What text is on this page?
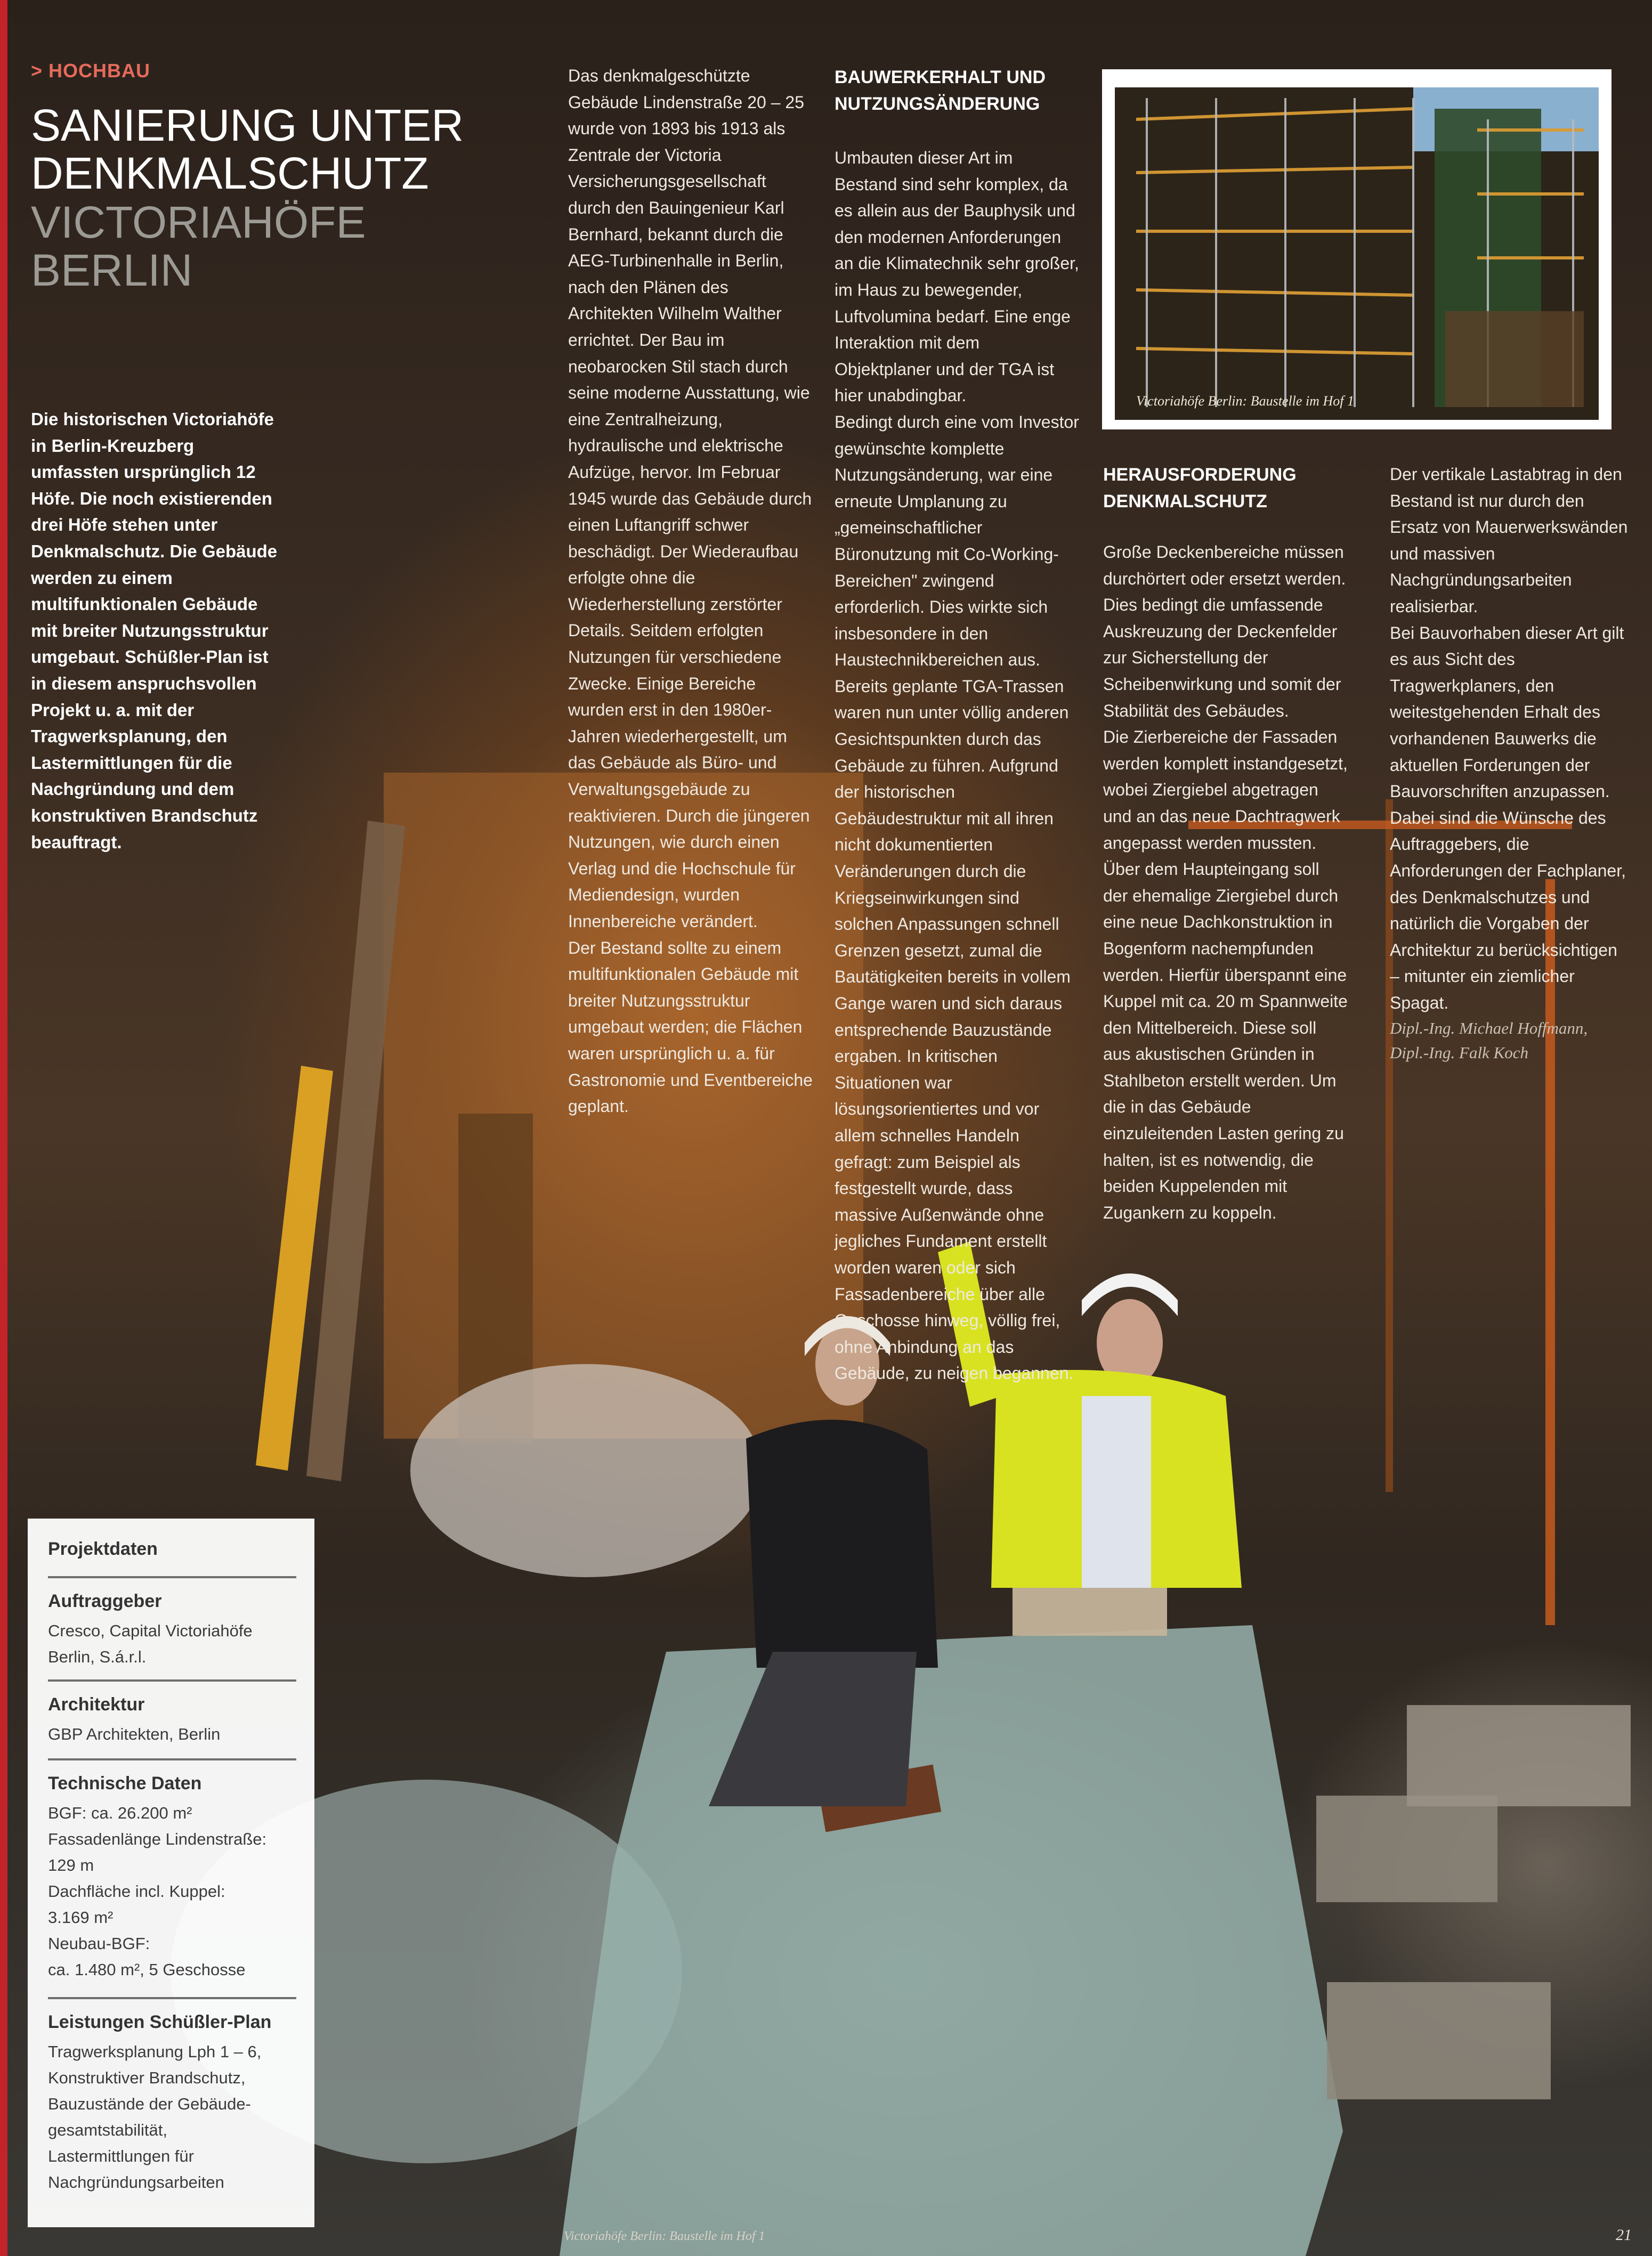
> HOCHBAU
SANIERUNG UNTER
DENKMALSCHUTZ
VICTORIAHÖFE
BERLIN
Die historischen Victoriahöfe in Berlin-Kreuzberg umfassten ursprünglich 12 Höfe. Die noch existierenden drei Höfe stehen unter Denkmalschutz. Die Gebäude werden zu einem multifunktionalen Gebäude mit breiter Nutzungsstruktur umgebaut. Schüßler-Plan ist in diesem anspruchsvollen Projekt u. a. mit der Tragwerksplanung, den Lastermittlungen für die Nachgründung und dem konstruktiven Brandschutz beauftragt.

Das denkmalgeschützte Gebäude Lindenstraße 20 – 25 wurde von 1893 bis 1913 als Zentrale der Victoria Versicherungsgesellschaft durch den Bauingenieur Karl Bernhard, bekannt durch die AEG-Turbinenhalle in Berlin, nach den Plänen des Architekten Wilhelm Walther errichtet. Der Bau im neobarocken Stil stach durch seine moderne Ausstattung, wie eine Zentralheizung, hydraulische und elektrische Aufzüge, hervor. Im Februar 1945 wurde das Gebäude durch einen Luftangriff schwer beschädigt. Der Wiederaufbau erfolgte ohne die Wiederherstellung zerstörter Details. Seitdem erfolgten Nutzungen für verschiedene Zwecke. Einige Bereiche wurden erst in den 1980er-Jahren wiederhergestellt, um das Gebäude als Büro- und Verwaltungsgebäude zu reaktivieren. Durch die jüngeren Nutzungen, wie durch einen Verlag und die Hochschule für Mediendesign, wurden Innenbereiche verändert.

Der Bestand sollte zu einem multifunktionalen Gebäude mit breiter Nutzungsstruktur umgebaut werden; die Flächen waren ursprünglich u. a. für Gastronomie und Eventbereiche geplant.

BAUWERKERHALT UND NUTZUNGSÄNDERUNG

Umbauten dieser Art im Bestand sind sehr komplex, da es allein aus der Bauphysik und den modernen Anforderungen an die Klimatechnik sehr großer, im Haus zu bewegender, Luftvolumina bedarf. Eine enge Interaktion mit dem Objektplaner und der TGA ist hier unabdingbar.

Bedingt durch eine vom Investor gewünschte komplette Nutzungsänderung, war eine erneute Umplanung zu „gemeinschaftlicher Büronutzung mit Co-Working-Bereichen" zwingend erforderlich. Dies wirkte sich insbesondere in den Haustechnikbereichen aus. Bereits geplante TGA-Trassen waren nun unter völlig anderen Gesichtspunkten durch das Gebäude zu führen. Aufgrund der historischen Gebäudestruktur mit all ihren nicht dokumentierten Veränderungen durch die Kriegseinwirkungen sind solchen Anpassungen schnell Grenzen gesetzt, zumal die Bautätigkeiten bereits in vollem Gange waren und sich daraus entsprechende Bauzustände ergaben. In kritischen Situationen war lösungsorientiertes und vor allem schnelles Handeln gefragt: zum Beispiel als festgestellt wurde, dass massive Außenwände ohne jegliches Fundament erstellt worden waren oder sich Fassadenbereiche über alle Geschosse hinweg, völlig frei, ohne Anbindung an das Gebäude, zu neigen begannen.

Victoriahöfe Berlin: Baustelle im Hof 1
HERAUSFORDERUNG DENKMALSCHUTZ

Große Deckenbereiche müssen durchörtert oder ersetzt werden. Dies bedingt die umfassende Auskreuzung der Deckenfelder zur Sicherstellung der Scheibenwirkung und somit der Stabilität des Gebäudes.

Die Zierbereiche der Fassaden werden komplett instandgesetzt, wobei Ziergiebel abgetragen und an das neue Dachtragwerk angepasst werden mussten. Über dem Haupteingang soll der ehemalige Ziergiebel durch eine neue Dachkonstruktion in Bogenform nachempfunden werden. Hierfür überspannt eine Kuppel mit ca. 20 m Spannweite den Mittelbereich. Diese soll aus akustischen Gründen in Stahlbeton erstellt werden. Um die in das Gebäude einzuleitenden Lasten gering zu halten, ist es notwendig, die beiden Kuppelenden mit Zugankern zu koppeln.

Der vertikale Lastabtrag in den Bestand ist nur durch den Ersatz von Mauerwerkswänden und massiven Nachgründungsarbeiten realisierbar.

Bei Bauvorhaben dieser Art gilt es aus Sicht des Tragwerkplaners, den weitestgehenden Erhalt des vorhandenen Bauwerks die aktuellen Forderungen der Bauvorschriften anzupassen. Dabei sind die Wünsche des Auftraggebers, die Anforderungen der Fachplaner, des Denkmalschutzes und natürlich die Vorgaben der Architektur zu berücksichtigen – mitunter ein ziemlicher Spagat.

Dipl.-Ing. Michael Hoffmann,
Dipl.-Ing. Falk Koch
Projektdaten
Auftraggeber
Cresco, Capital Victoriahöfe
Berlin, S.á.r.l.
Architektur
GBP Architekten, Berlin
Technische Daten
BGF: ca. 26.200 m²
Fassadenlänge Lindenstraße:
129 m
Dachfläche incl. Kuppel:
3.169 m²
Neubau-BGF:
ca. 1.480 m², 5 Geschosse
Leistungen Schüßler-Plan
Tragwerksplanung Lph 1 – 6,
Konstruktiver Brandschutz,
Bauzustände der Gebäude-
gesamtstabilität,
Lastermittlungen für
Nachgründungsarbeiten
Victoriahöfe Berlin: Baustelle im Hof 1	21
